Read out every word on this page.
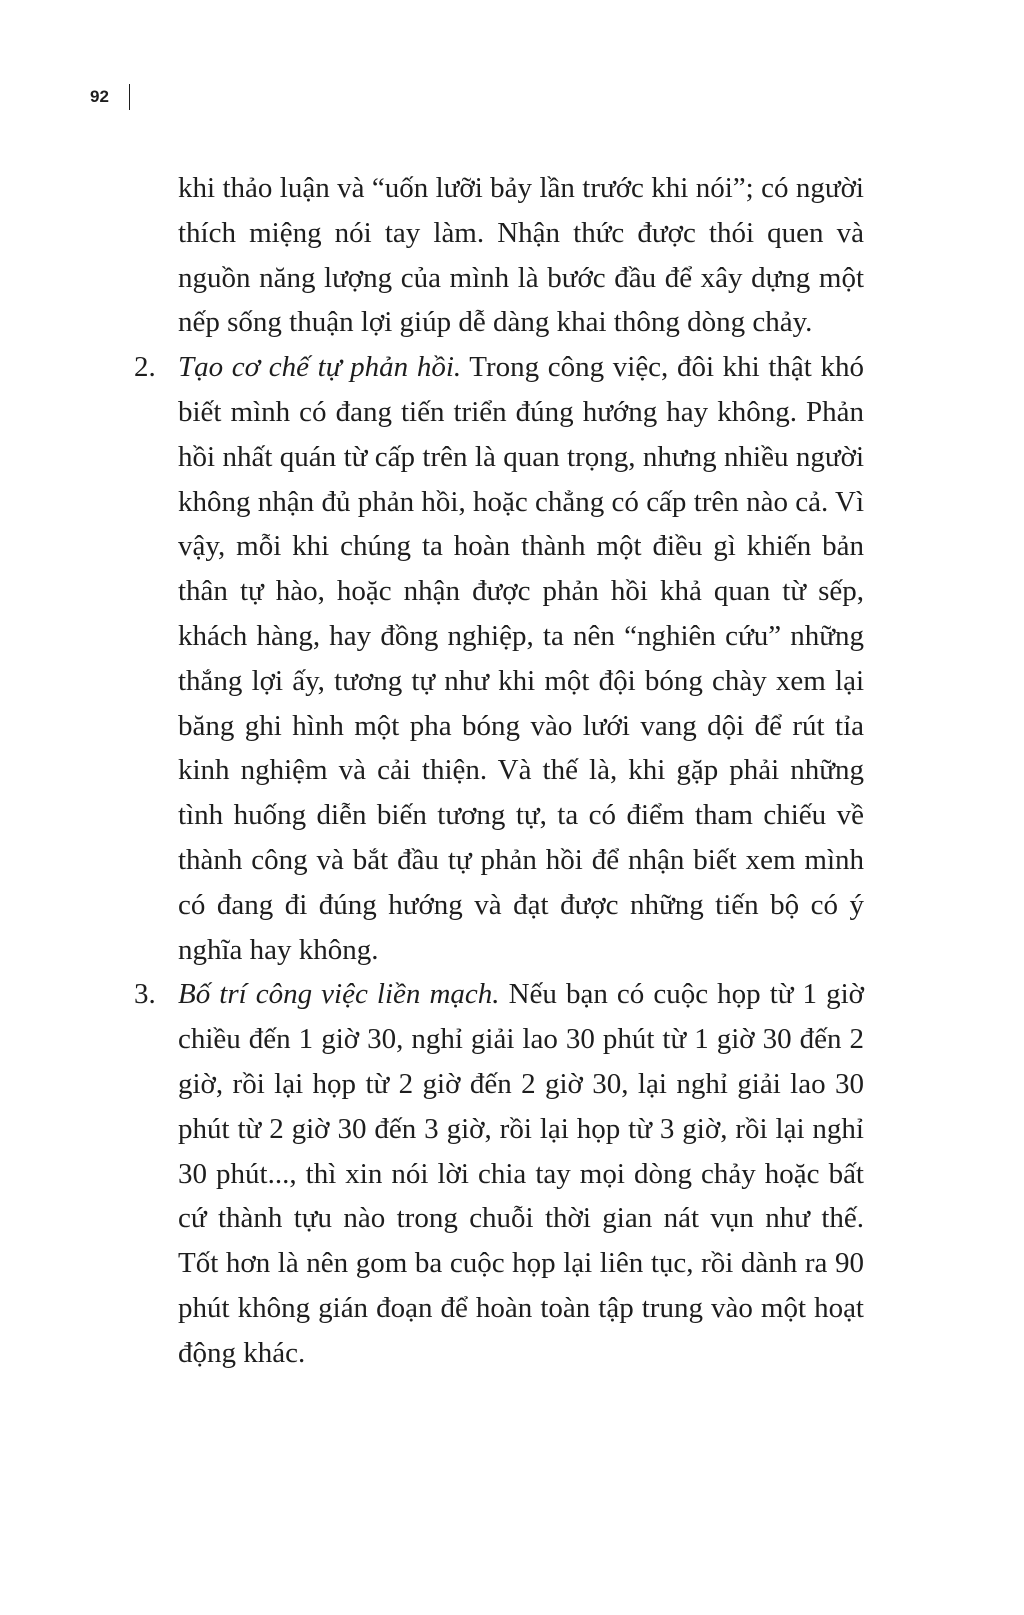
92

khi thảo luận và “uốn lưỡi bảy lần trước khi nói”; có người thích miệng nói tay làm. Nhận thức được thói quen và nguồn năng lượng của mình là bước đầu để xây dựng một nếp sống thuận lợi giúp dễ dàng khai thông dòng chảy.

2. Tạo cơ chế tự phản hồi. Trong công việc, đôi khi thật khó biết mình có đang tiến triển đúng hướng hay không. Phản hồi nhất quán từ cấp trên là quan trọng, nhưng nhiều người không nhận đủ phản hồi, hoặc chẳng có cấp trên nào cả. Vì vậy, mỗi khi chúng ta hoàn thành một điều gì khiến bản thân tự hào, hoặc nhận được phản hồi khả quan từ sếp, khách hàng, hay đồng nghiệp, ta nên “nghiên cứu” những thắng lợi ấy, tương tự như khi một đội bóng chày xem lại băng ghi hình một pha bóng vào lưới vang dội để rút tỉa kinh nghiệm và cải thiện. Và thế là, khi gặp phải những tình huống diễn biến tương tự, ta có điểm tham chiếu về thành công và bắt đầu tự phản hồi để nhận biết xem mình có đang đi đúng hướng và đạt được những tiến bộ có ý nghĩa hay không.
3. Bố trí công việc liền mạch. Nếu bạn có cuộc họp từ 1 giờ chiều đến 1 giờ 30, nghỉ giải lao 30 phút từ 1 giờ 30 đến 2 giờ, rồi lại họp từ 2 giờ đến 2 giờ 30, lại nghỉ giải lao 30 phút từ 2 giờ 30 đến 3 giờ, rồi lại họp từ 3 giờ, rồi lại nghỉ 30 phút..., thì xin nói lời chia tay mọi dòng chảy hoặc bất cứ thành tựu nào trong chuỗi thời gian nát vụn như thế. Tốt hơn là nên gom ba cuộc họp lại liên tục, rồi dành ra 90 phút không gián đoạn để hoàn toàn tập trung vào một hoạt động khác.
